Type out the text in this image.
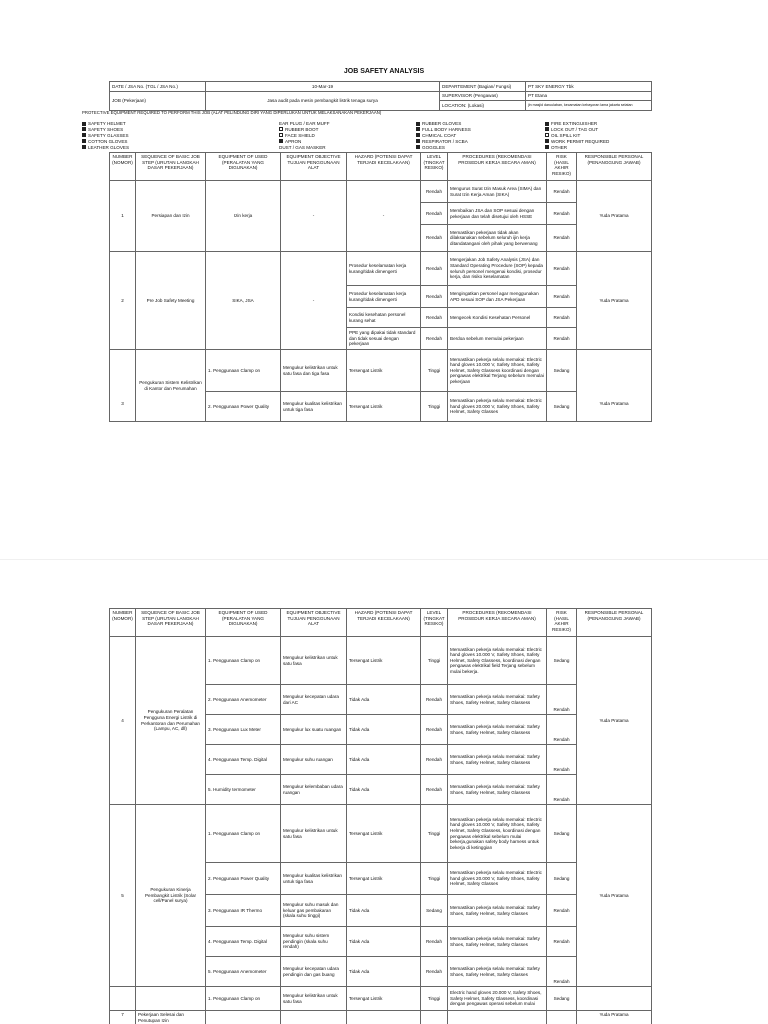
JOB SAFETY ANALYSIS
DATE / JSA No. (TGL / JSA No.)	10-Mar-19	DEPARTEMENT (Bagian/ Fungsi)	PT SKY ENERGY Tbk
JOB (Pekerjaan)	Jasa audit pada mesin pembangkit listrik tenaga surya	SUPERVISOR (Pengawas)	PT Etana
		LOCATION: (Lokasi)	jln masjid daruulaban, kecamatan kebayoran lama jakarta selatan
PROTECTIVE EQUIPMENT REQUIRED TO PERFORM THIS JOB (ALAT PELINDUNG DIRI YANG DIPERLUKAN UNTUK MELAKSANAKAN PEKERJAAN)
SAFETY HELMET
SAFETY SHOES
SAFETY GLASSES
COTTON GLOVES
LEATHER GLOVES
EAR PLUG / EAR MUFF
RUBBER BOOT
FACE SHIELD
APRON
DUST / GAS MASKER
RUBBER GLOVES
FULL BODY HARNESS
CHMICAL COAT
RESPIRATOR / SCBA
GOGGLES
FIRE EXTINGUISHER
LOCK OUT / TAG OUT
OIL SPILL KIT
WORK PERMIT REQUIRED
OTHER
NUMBER (NOMOR)	SEQUENCE OF BASIC JOB STEP (URUTAN LANGKAH DASAR PEKERJAAN)	EQUIPMENT OF USED (PERALATAN YANG DIGUNAKAN)	EQUIPMENT OBJECTIVE TUJUAN PENGGUNAAN ALAT	HAZARD (POTENSI DAPAT TERJADI KECELAKAAN)	LEVEL (TINGKAT RESIKO)	PROCEDURES (REKOMENDASI PROSEDUR KERJA SECARA AMAN)	RISK (HASIL AKHIR RESIKO)	RESPONSIBLE PERSONAL (PENANGGUNG JAWAB)
1	Persiapan dan Izin	Izin kerja	-	-	Rendah	Mengurus Surat Izin Masuk Area (SIMA) dan Surat Izin Kerja Aman (SIKA)	Rendah	Yuda Pratama
					Rendah	Membaikan JSA dan SOP sesuai dengan pekerjaan dan telah disetujui oleh HSSE	Rendah	
					Rendah	Memastikan pekerjaan tidak akan dilaksanakan sebelum seluruh ijin kerja ditandatangani oleh pihak yang berwenang	Rendah	
2	Pre Job Safety Meeting	SIKA, JSA	-	Prosedur keselamatan kerja kurang/tidak dimengerti	Rendah	Mengerjakan Job Safety Analysis (JSA) dan Standard Operating Procedure (SOP) kepada seluruh personel mengenai kondisi, prosedur kerja, dan risiko keselamatan	Rendah	Yuda Pratama
				Prosedur keselamatan kerja kurang/tidak dimengerti	Rendah	Mengingatkan personel agar menggunakan APD sesuai SOP dan JSA Pekerjaan	Rendah	
				Kondisi kesehatan personel kurang sehat	Rendah	Mengecek Kondisi Kesehatan Personel	Rendah	
				PPE yang dipakai tidak standard dan tidak sesuai dengan pekerjaan	Rendah	Berdoa sebelum memulai pekerjaan	Rendah	
3	Pengukuran Sistem Kelistrikan di Kantor dan Perumahan	1. Penggunaan Clamp on	Mengukur kelistrikan untuk satu fasa dan tiga fasa	Tersengat Listrik	Tinggi	Memastikan pekerja selalu memakai: Electric hand gloves 10.000 V, Safety Shoes, Safety Helmet, Safety Glassess koordinasi dengan pengawas elektrikal Terjang sebelum memulai pekerjaan	Sedang	Yuda Pratama
		2. Penggunaan Power Quality	Mengukur kualitas kelistrikan untuk tiga fasa	Tersengat Listrik	Tinggi	Memastikan pekerja selalu memakai: Electric hand gloves 20.000 V, Safety Shoes, Safety Helmet, Safety Glasses	Sedang	
NUMBER (NOMOR)	SEQUENCE OF BASIC JOB STEP (URUTAN LANGKAH DASAR PEKERJAAN)	EQUIPMENT OF USED (PERALATAN YANG DIGUNAKAN)	EQUIPMENT OBJECTIVE TUJUAN PENGGUNAAN ALAT	HAZARD (POTENSI DAPAT TERJADI KECELAKAAN)	LEVEL (TINGKAT RESIKO)	PROCEDURES (REKOMENDASI PROSEDUR KERJA SECARA AMAN)	RISK (HASIL AKHIR RESIKO)	RESPONSIBLE PERSONAL (PENANGGUNG JAWAB)
4	Pengukuran Peralatan Pengguna Energi Listrik di Perkantoran dan Perumahan (Lampu, AC, dll)	1. Penggunaan Clamp on	Mengukur kelistrikan untuk satu fasa	Tersengat Listrik	Tinggi	Memastikan pekerja selalu memakai: Electric hand gloves 10.000 V, Safety Shoes, Safety Helmet, Safety Glassess, koordinasi dengan pengawas elektrikal field Terjang sebelum mulai bekerja.	Sedang	Yuda Pratama
		2. Penggunaan Anemometer	Mengukur kecepatan udara dari AC	Tidak Ada	Rendah	Memastikan pekerja selalu memakai: Safety Shoes, Safety Helmet, Safety Glassess	Rendah	
		3. Penggunaan Lux Meter	Mengukur lux suatu ruangan	Tidak Ada	Rendah	Memastikan pekerja selalu memakai: Safety Shoes, Safety Helmet, Safety Glassess	Rendah	
		4. Penggunaan Temp. Digital	Mengukur suhu ruangan	Tidak Ada	Rendah	Memastikan pekerja selalu memakai: Safety Shoes, Safety Helmet, Safety Glassess	Rendah	
		5. Humidity termometer	Mengukur kelembaban udara ruangan	Tidak Ada	Rendah	Memastikan pekerja selalu memakai: Safety Shoes, Safety Helmet, Safety Glassess	Rendah	
5	Pengukuran Kinerja Pembangkit Listrik (Solar cell/Panel surya)	1. Penggunaan Clamp on	Mengukur kelistrikan untuk satu fasa	Tersengat Listrik	Tinggi	Memastikan pekerja selalu memakai: Electric hand gloves 10.000 V, Safety Shoes, Safety Helmet, Safety Glassess, koordinasi dengan pengawas elektrikal sebelum mulai bekerja,gunakan safety body harness untuk bekerja di ketinggian	Sedang	Yuda Pratama
		2. Penggunaan Power Quality	Mengukur kualitas kelistrikan untuk tiga fasa	Tersengat Listrik	Tinggi	Memastikan pekerja selalu memakai: Electric hand gloves 20.000 V, Safety Shoes, Safety Helmet, Safety Glasses	Sedang	
		3. Penggunaan IR Thermo	Mengukur suhu masuk dan keluar gas pembakaran (skala suhu tinggi)	Tidak Ada	Sedang	Memastikan pekerja selalu memakai: Safety Shoes, Safety Helmet, Safety Glasses	Rendah	
		4. Penggunaan Temp. Digital	Mengukur suhu sistem pendingin (skala suhu rendah)	Tidak Ada	Rendah	Memastikan pekerja selalu memakai: Safety Shoes, Safety Helmet, Safety Glasses	Rendah	
		5. Penggunaan Anemometer	Mengukur kecepatan udara pendingin dan gas buang	Tidak Ada	Rendah	Memastikan pekerja selalu memakai: Safety Shoes, Safety Helmet, Safety Glasses	Rendah	
		1. Penggunaan Clamp on	Mengukur kelistrikan untuk satu fasa	Tersengat Listrik	Tinggi	Electric hand gloves 20.000 V, Safety Shoes, Safety Helmet, Safety Glassess, koordinasi dengan pengawas operasi sebelum mulai	Sedang	
7	Pekerjaan Selesai dan Penutupan Izin							Yuda Pratama
